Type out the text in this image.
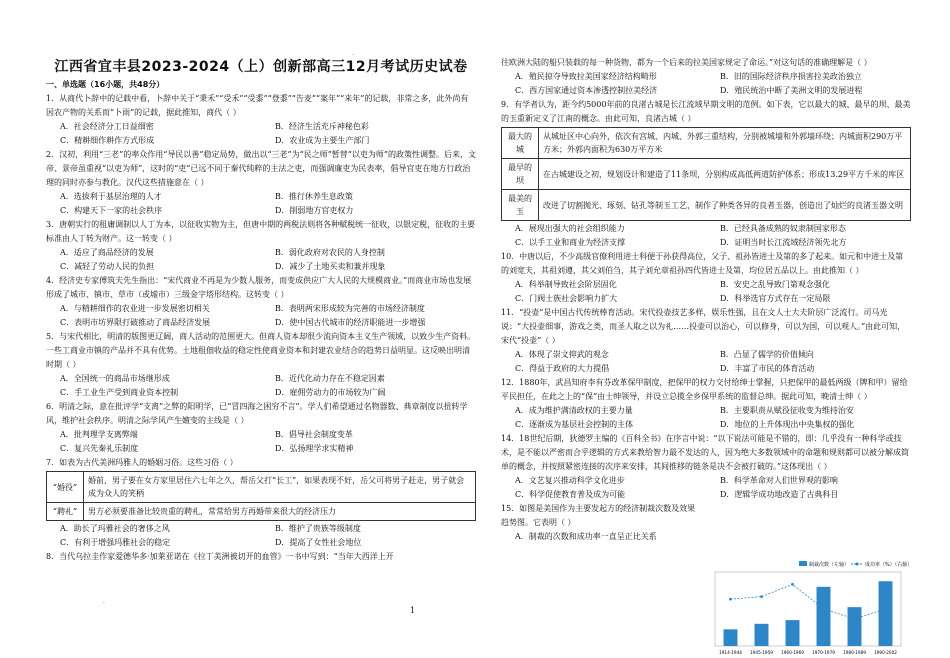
·
·
江西省宜丰县2023-2024（上）创新部高三12月考试历史试卷
一、单选题（16小题，共48分）

1．从商代卜辞中的记载中看，卜辞中关于“秉禾”“受禾”“受黍”“登黍”“告麦”“案年”“来年”的记载，非常之多，此外尚有因农产物的关系而“卜雨”的记载，据此推知，商代（ ）

A．社会经济分工日益细密	B．经济生活充斥神秘色彩
C．精耕细作耕作方式形成	D．农业成为主要生产部门

2．汉初，利用“三老”的率众作用“导民以善”稳定局势，做出以“三老”为“民之师”暂替“以吏为师”的政策性调整。后来，文帝、景帝虽重视“以吏为师”，这时的“吏”已远不同于秦代纯粹的主法之吏，而强调廉吏为民表率，倡导官吏在地方行政治理的同时亦参与教化。汉代这些措施意在（ ）

A．选拔利于基层治理的人才	B．推行休养生息政策
C．构建天下一家的社会秩序	D．削弱地方官吏权力

3．唐朝实行的租庸调制以人丁为本，以征收实物为主，但唐中期的两税法则将各种赋税统一征收，以银定税，征收的主要标准由人丁转为财产。这一转变（ ）

A．适应了商品经济的发展	B．弱化政府对农民的人身控制
C．减轻了劳动人民的负担	D．减少了土地买卖和兼并现象

4．经济史专家傅筑夫先生指出：“宋代商业不再是为少数人服务，而变成供应广大人民的大规模商业。”而商业市场也发展形成了城市、镇市、草市（或墟市）三级金字塔形结构。这转变（ ）

A．与精耕细作的农业进一步发展密切相关	B．表明两宋形成较为完善的市场经济制度
C．表明市坊界限打破推动了商品经济发展	D．使中国古代城市的经济职能进一步增强

5．与宋代相比，明清的版图更辽阔，商人活动的范围更大。但商人资本却很少流向资本主义生产领域，以致少生产资料。一些工商业市镇的产品并不具有优势。土地租佃收益的稳定性使商业资本和封建农业结合的趋势日益明显。这反映出明清时期（ ）

A．全国统一的商品市场继形成	B．近代化动力存在不稳定因素
C．手工业生产受到商业资本控制	D．雇佣劳动力的市场较为广阔

6．明清之际，意在批评学“支离”之弊的阳明学，已“冒四海之困穷不言”。学人们希望通过名物器数、典章制度以扭转学风，维护社会秩序。明清之际学风产生嬗变的主线是（ ）

A．批判理学支离弊端	B．倡导社会制度变革
C．复兴先秦礼乐制度	D．弘扬理学求实精神

7．如表为古代美洲玛雅人的婚姻习俗。这些习俗（ ）

“婚役”	婚前，男子要在女方家里居住六七年之久，帮岳父打“长工”，如果表现不好，岳父可将男子赶走，男子就会成为众人的笑柄
“聘礼”	男方必须要准备比较贵重的聘礼，常常给男方再婚带来很大的经济压力
A．助长了玛雅社会的奢侈之风	B．维护了贵族等级制度
C．有利于增强玛雅社会的稳定	D．提高了女性社会地位

8．当代乌拉圭作家爱德华多·加莱亚诺在《拉丁美洲被切开的血管》一书中写到：“当年大西洋上开

1

往欧洲大陆的船只装载的每一种货物，都为一个后来的拉美国家规定了命运。”对这句话的准确理解是（ ）

A．殖民掠夺导致拉美国家经济结构畸形	B．旧的国际经济秩序损害拉美政治独立
C．西方国家通过资本渗透控制拉美经济	D．殖民统治中断了美洲文明的发展进程

9．有学者认为，距今约5000年前的良渚古城是长江流域早期文明的范例。如下表，它以最大的城、最早的坝、最美的玉重新定义了江南的概念。由此可知，良渚古城（ ）

最大的城	从城址区中心向外，依次有宫城、内城、外郭三重结构，分别被城墙和外郭墙环绕；内城面积290万平方米；外郭内面积为630万平方米
最早的坝	在古城建设之初，规划设计和建造了11条坝，分别构成高低两道防护体系；形成13.29平方千米的库区
最美的玉	改进了切割抛光、琢刻、钻孔等制玉工艺，制作了种类各异的良者玉器，创造出了灿烂的良渚玉器文明
A．展现出强大的社会组织能力	B．已经具备成熟的奴隶制国家形态
C．以手工业和商业为经济支撑	D．证明当时长江流域经济领先北方

10．中唐以后，不少高级官僚利用进士科便于孙获得高位，父子、祖孙皆进士及第的多了起来。如元和中进士及第的刘宽夫，其祖刘遵，其父刘伯刍，其子刘允章祖孙四代皆进士及第，均位居五品以上。由此推知（ ）

A．科举制导致社会阶层固化	B．安史之乱导致门第观念强化
C．门阀士族社会影响力扩大	D．科举选官方式存在一定局限

11．“投壶”是中国古代传统棒育活动。宋代投壶技艺多样，娱乐性强，且在文人士大夫阶层广泛流行。司马光说：“大投壶细事，游戏之类，而圣人取之以为礼……投壶可以治心，可以修身，可以为国，可以观人。”由此可知，宋代“投壶”（ ）

A．体现了崇文抑武的观念	B．凸显了儒学的价值倾向
C．得益于政府的大力提倡	D．丰富了市民的体育活动

12．1880年，武昌知府李有芬改革保甲制度，把保甲的权力交付给绅士掌握，只把保甲的最低两级（牌和甲）留给平民担任，在此之上的“保”由士绅领导，并设立总揽全乡保甲系统的监督总绅。据此可知，晚清士绅（ ）

A．成为维护满清政权的主要力量	B．主要职责从赋役征收变为维持治安
C．逐渐成为基层社会控制的主体	D．地位的上升体现出中央集权的强化

14．18世纪后期，狄德罗主编的《百科全书》在序言中说：“以下说法可能是不错的，即：几乎没有一种科学或技术，是不能以严密而合乎逻辑的方式来教给智力最不发达的人，因为绝大多数领域中的命题和规则都可以被分解成简单的概念，并按照紧密连接的次序来安排，其间推移的链条是决不会被打破的。”这体现出（ ）

A．文艺复兴推动科学文化进步	B．科学革命对人们世界观的影响
C．科学促使教育普及成为可能	D．逻辑学成功地改造了古典科目

15．如图是美国作为主要发起方的经济制裁次数及效果趋势图。它表明（ ）

A．制裁的次数和成功率一直呈正比关系
制裁次数（左轴）	成功率（%）（右轴）
1914-1944 1945-1959 1960-1969 1970-1979 1980-1989 1990-2002
